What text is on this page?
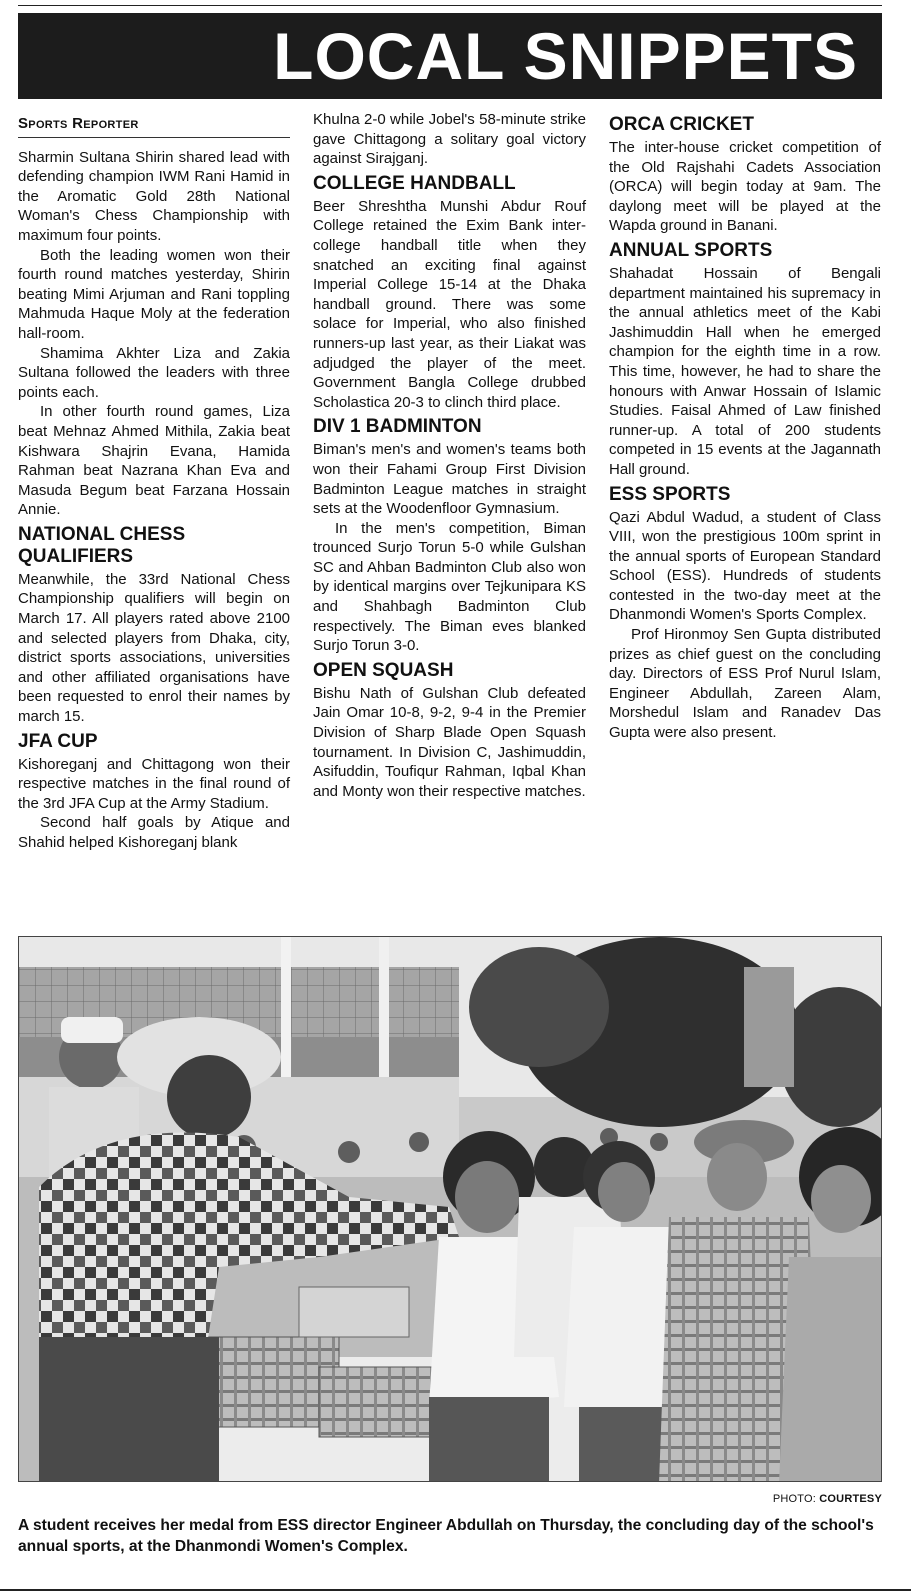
LOCAL SNIPPETS
Sports Reporter

Sharmin Sultana Shirin shared lead with defending champion IWM Rani Hamid in the Aromatic Gold 28th National Woman's Chess Championship with maximum four points.

Both the leading women won their fourth round matches yesterday, Shirin beating Mimi Arjuman and Rani toppling Mahmuda Haque Moly at the federation hall-room.

Shamima Akhter Liza and Zakia Sultana followed the leaders with three points each.

In other fourth round games, Liza beat Mehnaz Ahmed Mithila, Zakia beat Kishwara Shajrin Evana, Hamida Rahman beat Nazrana Khan Eva and Masuda Begum beat Farzana Hossain Annie.

NATIONAL CHESS QUALIFIERS

Meanwhile, the 33rd National Chess Championship qualifiers will begin on March 17. All players rated above 2100 and selected players from Dhaka, city, district sports associations, universities and other affiliated organisations have been requested to enrol their names by march 15.

JFA CUP

Kishoreganj and Chittagong won their respective matches in the final round of the 3rd JFA Cup at the Army Stadium.

Second half goals by Atique and Shahid helped Kishoreganj blank

Khulna 2-0 while Jobel's 58-minute strike gave Chittagong a solitary goal victory against Sirajganj.

COLLEGE HANDBALL

Beer Shreshtha Munshi Abdur Rouf College retained the Exim Bank inter-college handball title when they snatched an exciting final against Imperial College 15-14 at the Dhaka handball ground. There was some solace for Imperial, who also finished runners-up last year, as their Liakat was adjudged the player of the meet. Government Bangla College drubbed Scholastica 20-3 to clinch third place.

DIV 1 BADMINTON

Biman's men's and women's teams both won their Fahami Group First Division Badminton League matches in straight sets at the Woodenfloor Gymnasium.

In the men's competition, Biman trounced Surjo Torun 5-0 while Gulshan SC and Ahban Badminton Club also won by identical margins over Tejkunipara KS and Shahbagh Badminton Club respectively. The Biman eves blanked Surjo Torun 3-0.

OPEN SQUASH

Bishu Nath of Gulshan Club defeated Jain Omar 10-8, 9-2, 9-4 in the Premier Division of Sharp Blade Open Squash tournament. In Division C, Jashimuddin, Asifuddin, Toufiqur Rahman, Iqbal Khan and Monty won their respective matches.

ORCA CRICKET

The inter-house cricket competition of the Old Rajshahi Cadets Association (ORCA) will begin today at 9am. The daylong meet will be played at the Wapda ground in Banani.

ANNUAL SPORTS

Shahadat Hossain of Bengali department maintained his supremacy in the annual athletics meet of the Kabi Jashimuddin Hall when he emerged champion for the eighth time in a row. This time, however, he had to share the honours with Anwar Hossain of Islamic Studies. Faisal Ahmed of Law finished runner-up. A total of 200 students competed in 15 events at the Jagannath Hall ground.

ESS SPORTS

Qazi Abdul Wadud, a student of Class VIII, won the prestigious 100m sprint in the annual sports of European Standard School (ESS). Hundreds of students contested in the two-day meet at the Dhanmondi Women's Sports Complex.

Prof Hironmoy Sen Gupta distributed prizes as chief guest on the concluding day. Directors of ESS Prof Nurul Islam, Engineer Abdullah, Zareen Alam, Morshedul Islam and Ranadev Das Gupta were also present.

PHOTO: COURTESY
A student receives her medal from ESS director Engineer Abdullah on Thursday, the concluding day of the school's annual sports, at the Dhanmondi Women's Complex.
